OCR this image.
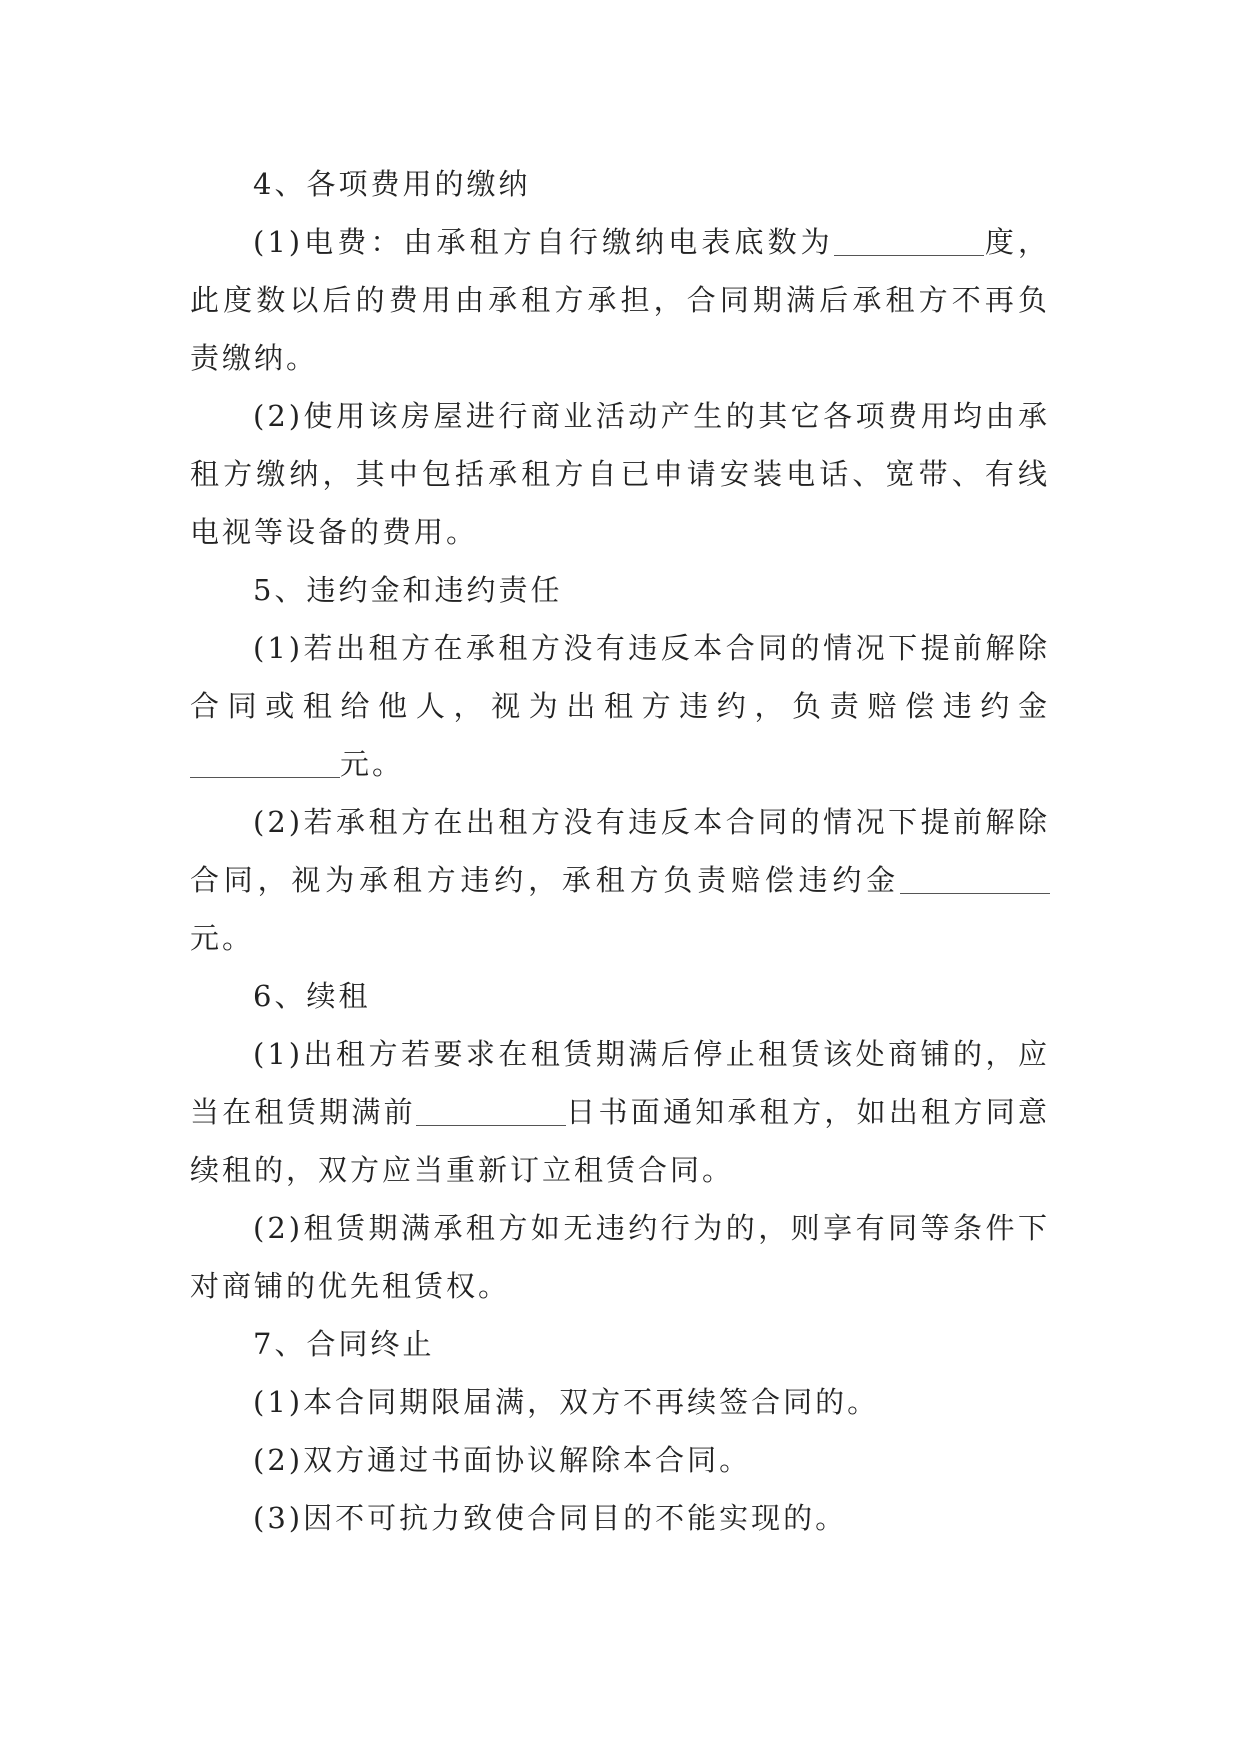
4、各项费用的缴纳

(1)电费：由承租方自行缴纳电表底数为	度，此度数以后的费用由承租方承担，合同期满后承租方不再负责缴纳。

(2)使用该房屋进行商业活动产生的其它各项费用均由承租方缴纳，其中包括承租方自已申请安装电话、宽带、有线电视等设备的费用。

5、违约金和违约责任

(1)若出租方在承租方没有违反本合同的情况下提前解除合同或租给他人，视为出租方违约，负责赔偿违约金元。

(2)若承租方在出租方没有违反本合同的情况下提前解除合同，视为承租方违约，承租方负责赔偿违约金元。

6、续租

(1)出租方若要求在租赁期满后停止租赁该处商铺的，应当在租赁期满前	日书面通知承租方，如出租方同意续租的，双方应当重新订立租赁合同。

(2)租赁期满承租方如无违约行为的，则享有同等条件下对商铺的优先租赁权。

7、合同终止

(1)本合同期限届满，双方不再续签合同的。

(2)双方通过书面协议解除本合同。

(3)因不可抗力致使合同目的不能实现的。
